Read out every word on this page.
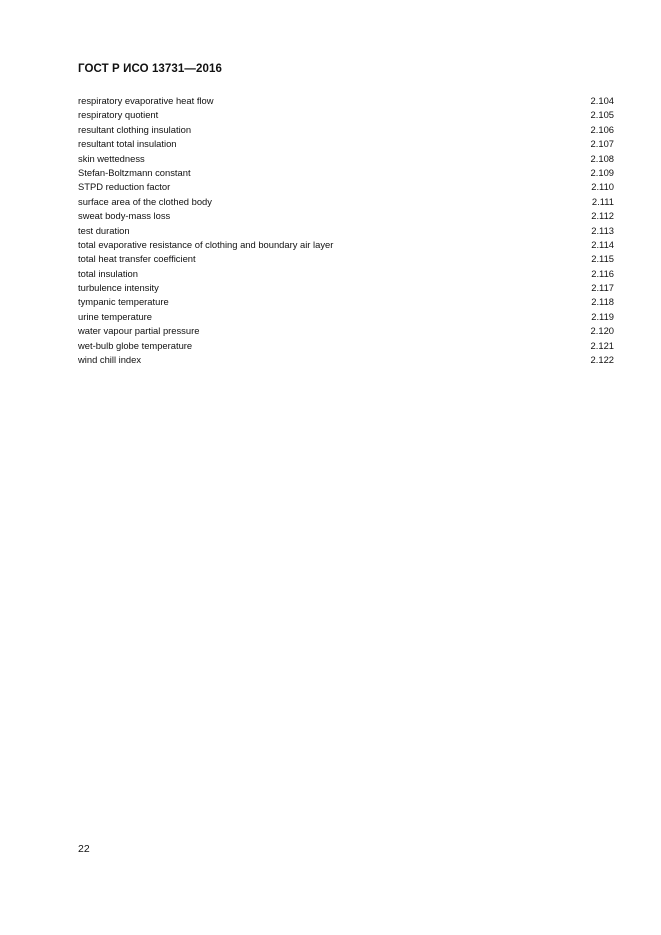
ГОСТ Р ИСО 13731—2016
respiratory evaporative heat flow	2.104
respiratory quotient	2.105
resultant clothing insulation	2.106
resultant total insulation	2.107
skin wettedness	2.108
Stefan-Boltzmann constant	2.109
STPD reduction factor	2.110
surface area of the clothed body	2.111
sweat body-mass loss	2.112
test duration	2.113
total evaporative resistance of clothing and boundary air layer	2.114
total heat transfer coefficient	2.115
total insulation	2.116
turbulence intensity	2.117
tympanic temperature	2.118
urine temperature	2.119
water vapour partial pressure	2.120
wet-bulb globe temperature	2.121
wind chill index	2.122
22
